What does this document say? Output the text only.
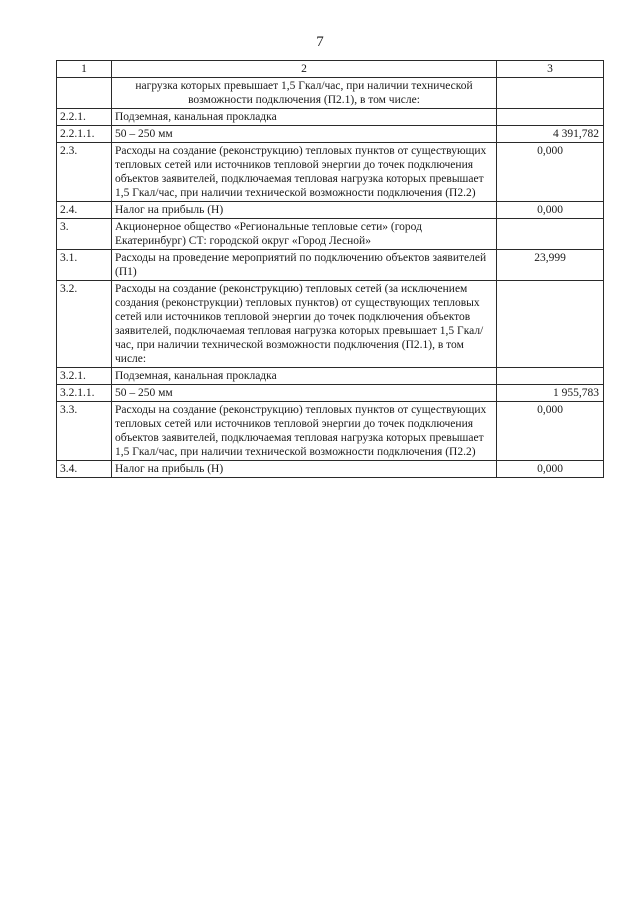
7
1	2	3
	нагрузка которых превышает 1,5 Гкал/час, при наличии технической возможности подключения (П2.1), в том числе:	
2.2.1.	Подземная, канальная прокладка	
2.2.1.1.	50 – 250 мм	4 391,782
2.3.	Расходы на создание (реконструкцию) тепловых пунктов от существующих тепловых сетей или источников тепловой энергии до точек подключения объектов заявителей, подключаемая тепловая нагрузка которых превышает 1,5 Гкал/час, при наличии технической возможности подключения (П2.2)	0,000
2.4.	Налог на прибыль (Н)	0,000
3.	Акционерное общество «Региональные тепловые сети» (город Екатеринбург) СТ: городской округ «Город Лесной»	
3.1.	Расходы на проведение мероприятий по подключению объектов заявителей (П1)	23,999
3.2.	Расходы на создание (реконструкцию) тепловых сетей (за исключением создания (реконструкции) тепловых пунктов) от существующих тепловых сетей или источников тепловой энергии до точек подключения объектов заявителей, подключаемая тепловая нагрузка которых превышает 1,5 Гкал/час, при наличии технической возможности подключения (П2.1), в том числе:	
3.2.1.	Подземная, канальная прокладка	
3.2.1.1.	50 – 250 мм	1 955,783
3.3.	Расходы на создание (реконструкцию) тепловых пунктов от существующих тепловых сетей или источников тепловой энергии до точек подключения объектов заявителей, подключаемая тепловая нагрузка которых превышает 1,5 Гкал/час, при наличии технической возможности подключения (П2.2)	0,000
3.4.	Налог на прибыль (Н)	0,000
